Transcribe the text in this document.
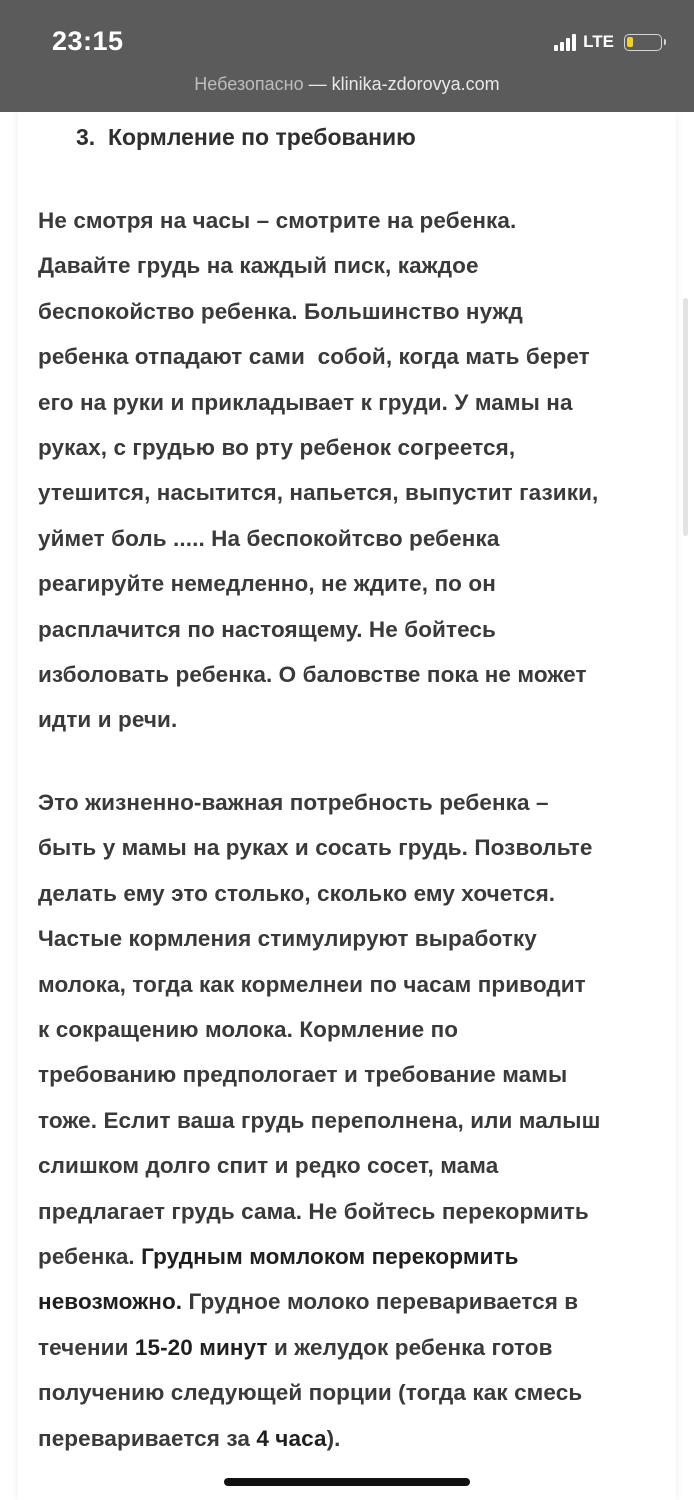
23:15	LTE
Небезопасно — klinika-zdorovya.com
3. Кормление по требованию
Не смотря на часы – смотрите на ребенка.
Давайте грудь на каждый писк, каждое
беспокойство ребенка. Большинство нужд
ребенка отпадают сами  собой, когда мать берет
его на руки и прикладывает к груди. У мамы на
руках, с грудью во рту ребенок согреется,
утешится, насытится, напьется, выпустит газики,
уймет боль ..... На беспокойтсво ребенка
реагируйте немедленно, не ждите, по он
расплачится по настоящему. Не бойтесь
изболовать ребенка. О баловстве пока не может
идти и речи.
Это жизненно-важная потребность ребенка –
быть у мамы на руках и сосать грудь. Позвольте
делать ему это столько, сколько ему хочется.
Частые кормления стимулируют выработку
молока, тогда как кормелнеи по часам приводит
к сокращению молока. Кормление по
требованию предпологает и требование мамы
тоже. Еслит ваша грудь переполнена, или малыш
слишком долго спит и редко сосет, мама
предлагает грудь сама. Не бойтесь перекормить
ребенка. Грудным момлоком перекормить
невозможно. Грудное молоко переваривается в
течении 15-20 минут и желудок ребенка готов
получению следующей порции (тогда как смесь
переваривается за 4 часа).
